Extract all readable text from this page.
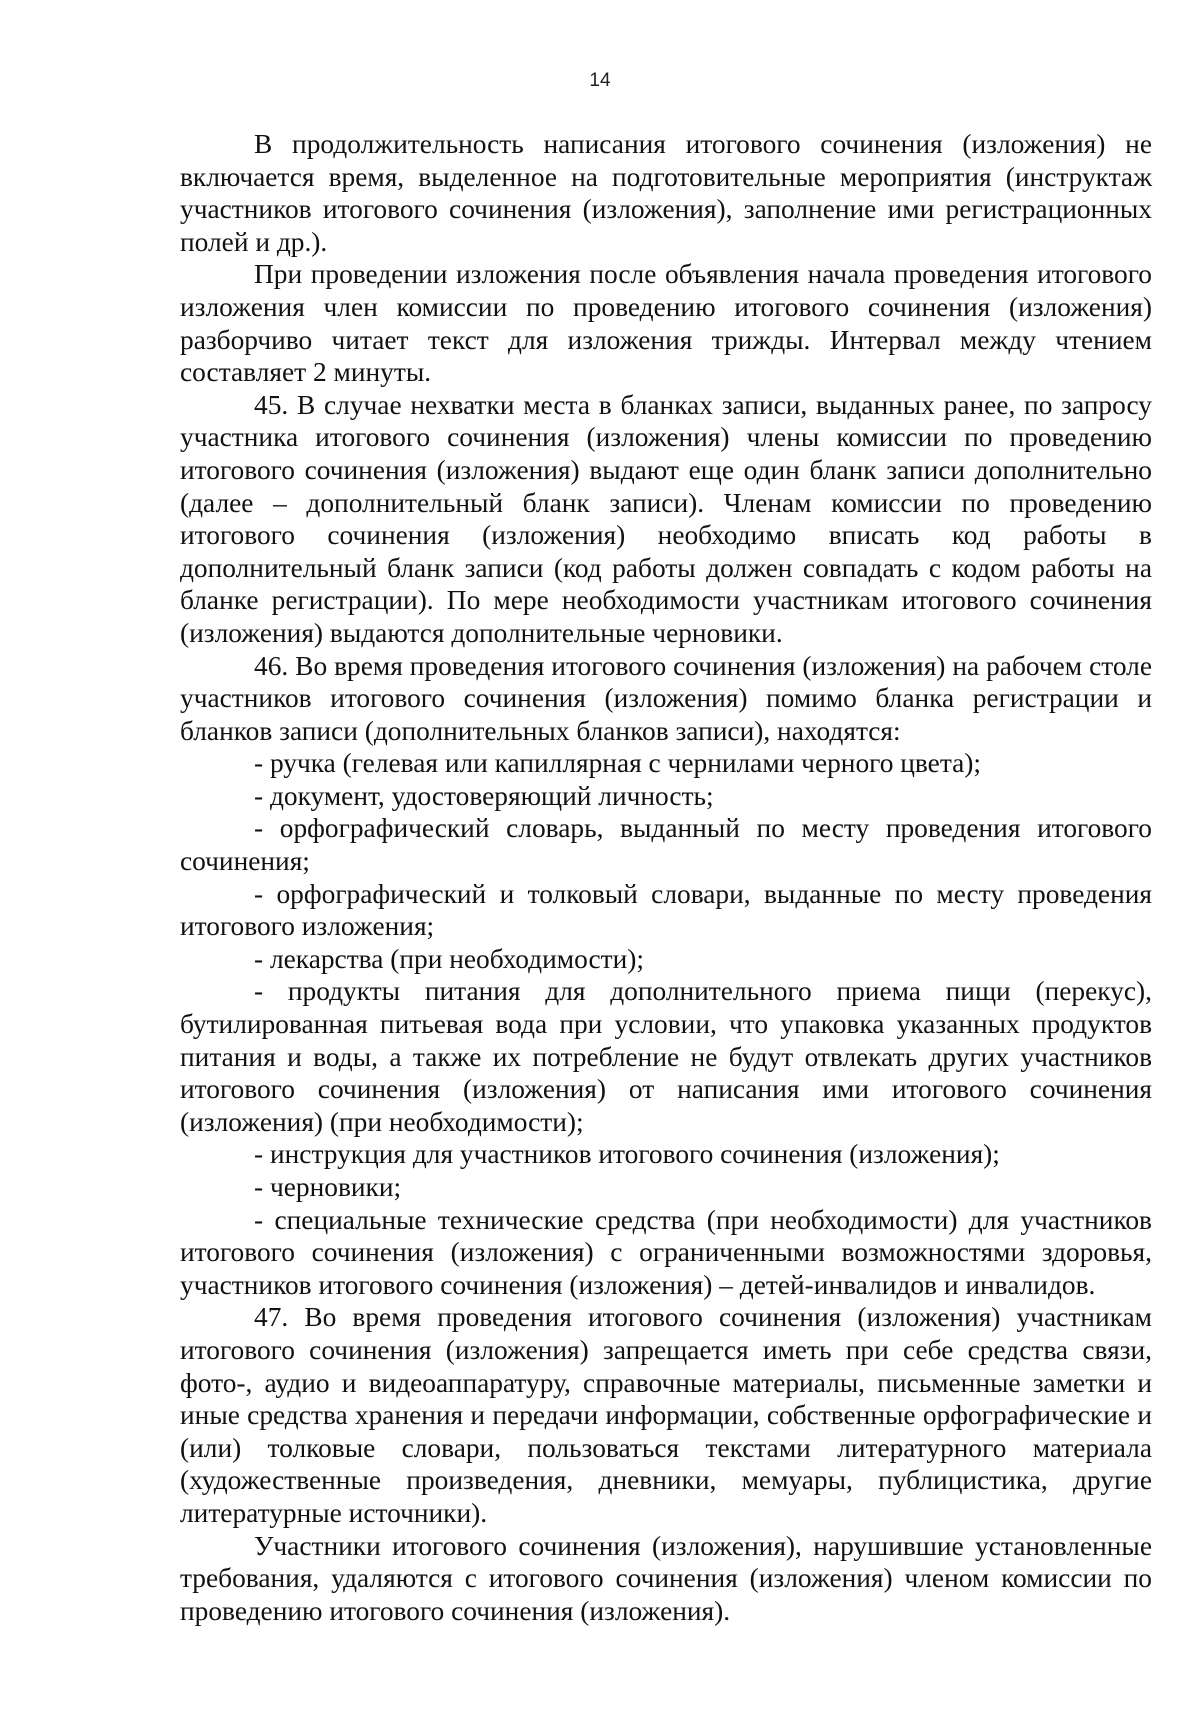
14

В продолжительность написания итогового сочинения (изложения) не включается время, выделенное на подготовительные мероприятия (инструктаж участников итогового сочинения (изложения), заполнение ими регистрационных полей и др.).

При проведении изложения после объявления начала проведения итогового изложения член комиссии по проведению итогового сочинения (изложения) разборчиво читает текст для изложения трижды. Интервал между чтением составляет 2 минуты.

45. В случае нехватки места в бланках записи, выданных ранее, по запросу участника итогового сочинения (изложения) члены комиссии по проведению итогового сочинения (изложения) выдают еще один бланк записи дополнительно (далее – дополнительный бланк записи). Членам комиссии по проведению итогового сочинения (изложения) необходимо вписать код работы в дополнительный бланк записи (код работы должен совпадать с кодом работы на бланке регистрации). По мере необходимости участникам итогового сочинения (изложения) выдаются дополнительные черновики.

46. Во время проведения итогового сочинения (изложения) на рабочем столе участников итогового сочинения (изложения) помимо бланка регистрации и бланков записи (дополнительных бланков записи), находятся:

- ручка (гелевая или капиллярная с чернилами черного цвета);

- документ, удостоверяющий личность;

- орфографический словарь, выданный по месту проведения итогового сочинения;

- орфографический и толковый словари, выданные по месту проведения итогового изложения;

- лекарства (при необходимости);

- продукты питания для дополнительного приема пищи (перекус), бутилированная питьевая вода при условии, что упаковка указанных продуктов питания и воды, а также их потребление не будут отвлекать других участников итогового сочинения (изложения) от написания ими итогового сочинения (изложения) (при необходимости);

- инструкция для участников итогового сочинения (изложения);

- черновики;

- специальные технические средства (при необходимости) для участников итогового сочинения (изложения) с ограниченными возможностями здоровья, участников итогового сочинения (изложения) – детей-инвалидов и инвалидов.

47. Во время проведения итогового сочинения (изложения) участникам итогового сочинения (изложения) запрещается иметь при себе средства связи, фото-, аудио и видеоаппаратуру, справочные материалы, письменные заметки и иные средства хранения и передачи информации, собственные орфографические и (или) толковые словари, пользоваться текстами литературного материала (художественные произведения, дневники, мемуары, публицистика, другие литературные источники).

Участники итогового сочинения (изложения), нарушившие установленные требования, удаляются с итогового сочинения (изложения) членом комиссии по проведению итогового сочинения (изложения).
